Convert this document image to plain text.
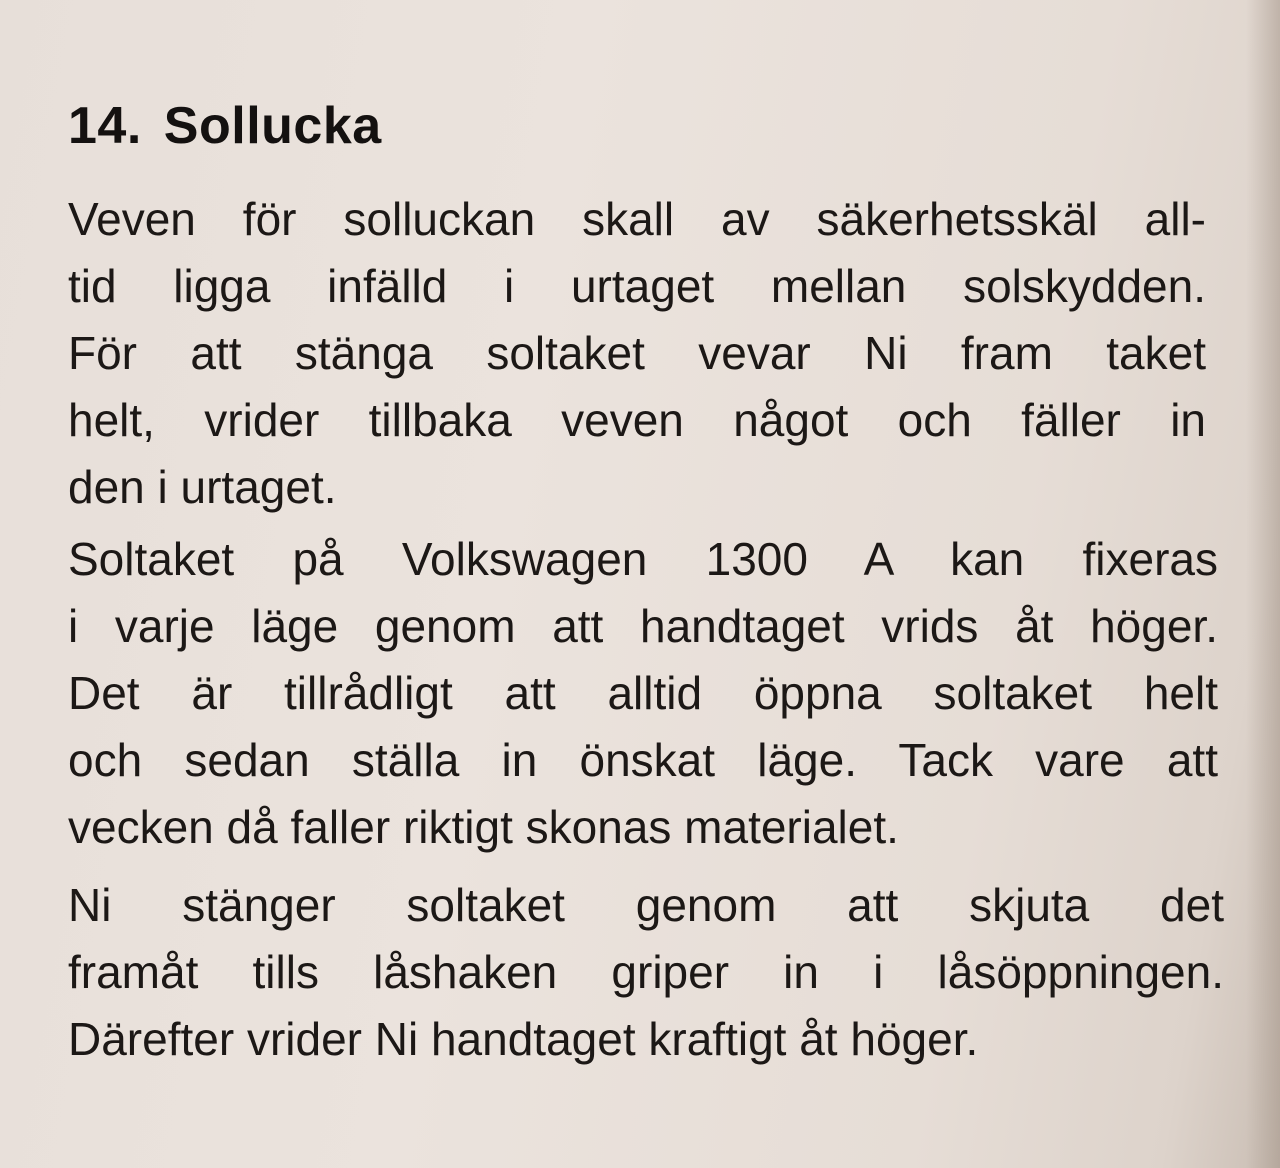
14. Sollucka
Veven för solluckan skall av säkerhetsskäl all-
tid ligga infälld i urtaget mellan solskydden.
För att stänga soltaket vevar Ni fram taket
helt, vrider tillbaka veven något och fäller in
den i urtaget.
Soltaket på Volkswagen 1300 A kan fixeras
i varje läge genom att handtaget vrids åt höger.
Det är tillrådligt att alltid öppna soltaket helt
och sedan ställa in önskat läge. Tack vare att
vecken då faller riktigt skonas materialet.
Ni stänger soltaket genom att skjuta det
framåt tills låshaken griper in i låsöppningen.
Därefter vrider Ni handtaget kraftigt åt höger.
